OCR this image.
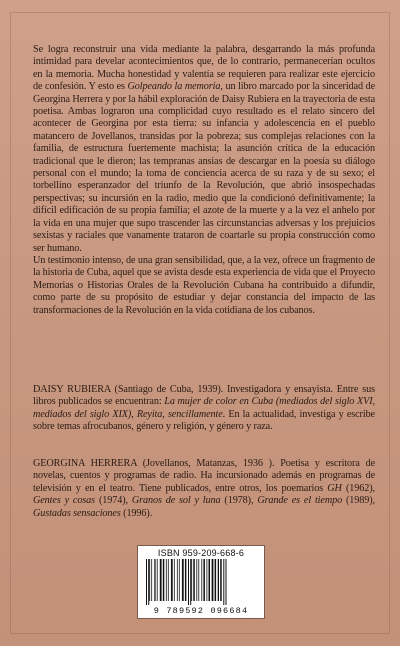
Se logra reconstruir una vida mediante la palabra, desgarrando la más profunda intimidad para develar acontecimientos que, de lo contrario, permanecerían ocultos en la memoria. Mucha honestidad y valentía se requieren para realizar este ejercicio de confesión. Y esto es Golpeando la memoria, un libro marcado por la sinceridad de Georgina Herrera y por la hábil exploración de Daisy Rubiera en la trayectoria de esta poetisa. Ambas lograron una complicidad cuyo resultado es el relato sincero del acontecer de Georgina por esta tierra: su infancia y adolescencia en el pueblo matancero de Jovellanos, transidas por la pobreza; sus complejas relaciones con la familia, de estructura fuertemente machista; la asunción crítica de la educación tradicional que le dieron; las tempranas ansias de descargar en la poesía su diálogo personal con el mundo; la toma de conciencia acerca de su raza y de su sexo; el torbellino esperanzador del triunfo de la Revolución, que abrió insospechadas perspectivas; su incursión en la radio, medio que la condicionó definitivamente; la difícil edificación de su propia familia; el azote de la muerte y a la vez el anhelo por la vida en una mujer que supo trascender las circunstancias adversas y los prejuicios sexistas y raciales que vanamente trataron de coartarle su propia construcción como ser humano.

Un testimonio intenso, de una gran sensibilidad, que, a la vez, ofrece un fragmento de la historia de Cuba, aquel que se avista desde esta experiencia de vida que el Proyecto Memorias o Historias Orales de la Revolución Cubana ha contribuido a difundir, como parte de su propósito de estudiar y dejar constancia del impacto de las transformaciones de la Revolución en la vida cotidiana de los cubanos.

DAISY RUBIERA (Santiago de Cuba, 1939). Investigadora y ensayista. Entre sus libros publicados se encuentran: La mujer de color en Cuba (mediados del siglo XVI, mediados del siglo XIX), Reyita, sencillamente. En la actualidad, investiga y escribe sobre temas afrocubanos, género y religión, y género y raza.
GEORGINA HERRERA (Jovellanos, Matanzas, 1936 ). Poetisa y escritora de novelas, cuentos y programas de radio. Ha incursionado además en programas de televisión y en el teatro. Tiene publicados, entre otros, los poemarios GH (1962), Gentes y cosas (1974), Granos de sol y luna (1978), Grande es el tiempo (1989), Gustadas sensaciones (1996).
ISBN 959-209-668-6
9 789592 096684
